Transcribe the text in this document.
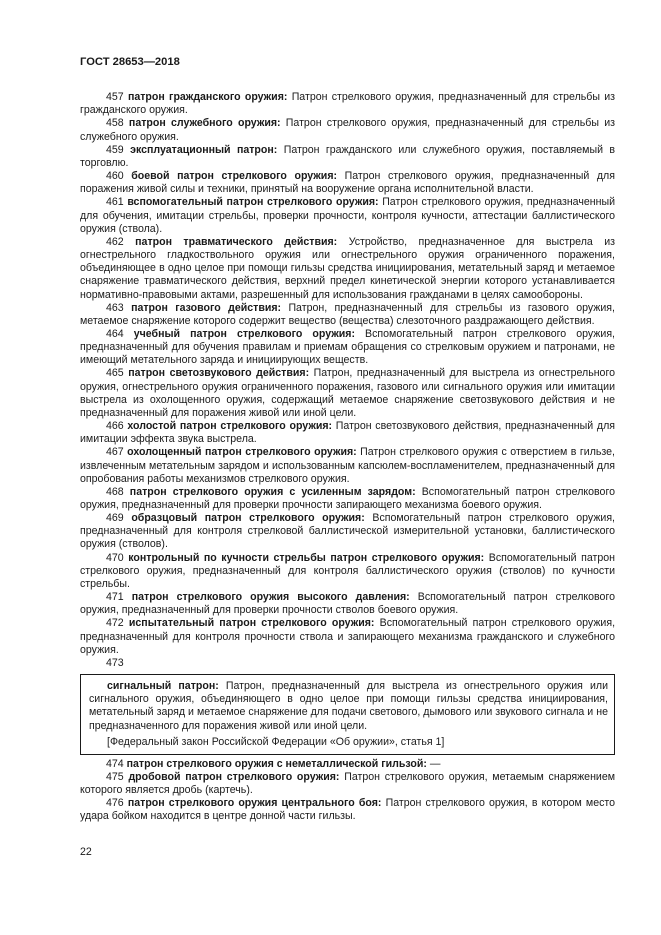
ГОСТ 28653—2018

457 патрон гражданского оружия: Патрон стрелкового оружия, предназначенный для стрельбы из гражданского оружия.

458 патрон служебного оружия: Патрон стрелкового оружия, предназначенный для стрельбы из служебного оружия.

459 эксплуатационный патрон: Патрон гражданского или служебного оружия, поставляемый в торговлю.

460 боевой патрон стрелкового оружия: Патрон стрелкового оружия, предназначенный для поражения живой силы и техники, принятый на вооружение органа исполнительной власти.

461 вспомогательный патрон стрелкового оружия: Патрон стрелкового оружия, предназначенный для обучения, имитации стрельбы, проверки прочности, контроля кучности, аттестации баллистического оружия (ствола).

462 патрон травматического действия: Устройство, предназначенное для выстрела из огнестрельного гладкоствольного оружия или огнестрельного оружия ограниченного поражения, объединяющее в одно целое при помощи гильзы средства инициирования, метательный заряд и метаемое снаряжение травматического действия, верхний предел кинетической энергии которого устанавливается нормативно-правовыми актами, разрешенный для использования гражданами в целях самообороны.

463 патрон газового действия: Патрон, предназначенный для стрельбы из газового оружия, метаемое снаряжение которого содержит вещество (вещества) слезоточного раздражающего действия.

464 учебный патрон стрелкового оружия: Вспомогательный патрон стрелкового оружия, предназначенный для обучения правилам и приемам обращения со стрелковым оружием и патронами, не имеющий метательного заряда и инициирующих веществ.

465 патрон светозвукового действия: Патрон, предназначенный для выстрела из огнестрельного оружия, огнестрельного оружия ограниченного поражения, газового или сигнального оружия или имитации выстрела из охолощенного оружия, содержащий метаемое снаряжение светозвукового действия и не предназначенный для поражения живой или иной цели.

466 холостой патрон стрелкового оружия: Патрон светозвукового действия, предназначенный для имитации эффекта звука выстрела.

467 охолощенный патрон стрелкового оружия: Патрон стрелкового оружия с отверстием в гильзе, извлеченным метательным зарядом и использованным капсюлем-воспламенителем, предназначенный для опробования работы механизмов стрелкового оружия.

468 патрон стрелкового оружия с усиленным зарядом: Вспомогательный патрон стрелкового оружия, предназначенный для проверки прочности запирающего механизма боевого оружия.

469 образцовый патрон стрелкового оружия: Вспомогательный патрон стрелкового оружия, предназначенный для контроля стрелковой баллистической измерительной установки, баллистического оружия (стволов).

470 контрольный по кучности стрельбы патрон стрелкового оружия: Вспомогательный патрон стрелкового оружия, предназначенный для контроля баллистического оружия (стволов) по кучности стрельбы.

471 патрон стрелкового оружия высокого давления: Вспомогательный патрон стрелкового оружия, предназначенный для проверки прочности стволов боевого оружия.

472 испытательный патрон стрелкового оружия: Вспомогательный патрон стрелкового оружия, предназначенный для контроля прочности ствола и запирающего механизма гражданского и служебного оружия.

473

сигнальный патрон: Патрон, предназначенный для выстрела из огнестрельного оружия или сигнального оружия, объединяющего в одно целое при помощи гильзы средства инициирования, метательный заряд и метаемое снаряжение для подачи светового, дымового или звукового сигнала и не предназначенного для поражения живой или иной цели.

[Федеральный закон Российской Федерации «Об оружии», статья 1]

474 патрон стрелкового оружия с неметаллической гильзой: —

475 дробовой патрон стрелкового оружия: Патрон стрелкового оружия, метаемым снаряжением которого является дробь (картечь).

476 патрон стрелкового оружия центрального боя: Патрон стрелкового оружия, в котором место удара бойком находится в центре донной части гильзы.

22
